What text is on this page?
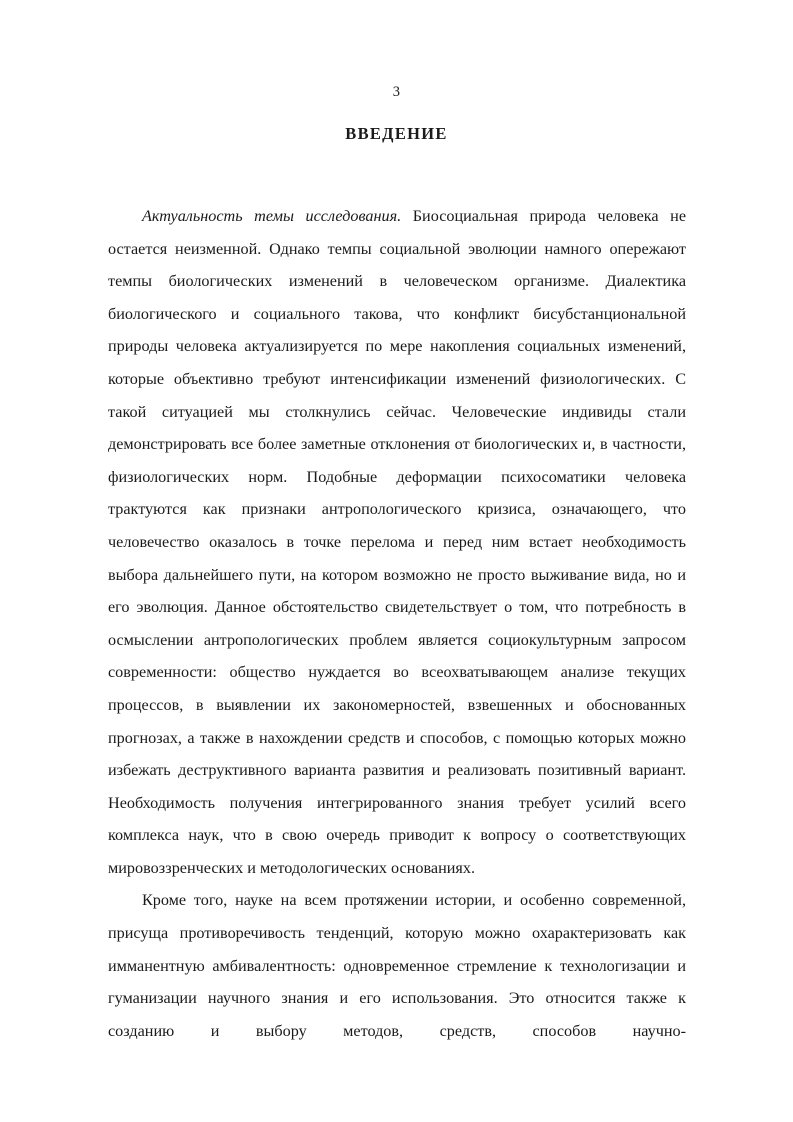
3
ВВЕДЕНИЕ

Актуальность темы исследования. Биосоциальная природа человека не остается неизменной. Однако темпы социальной эволюции намного опережают темпы биологических изменений в человеческом организме. Диалектика биологического и социального такова, что конфликт бисубстанциональной природы человека актуализируется по мере накопления социальных изменений, которые объективно требуют интенсификации изменений физиологических. С такой ситуацией мы столкнулись сейчас. Человеческие индивиды стали демонстрировать все более заметные отклонения от биологических и, в частности, физиологических норм. Подобные деформации психосоматики человека трактуются как признаки антропологического кризиса, означающего, что человечество оказалось в точке перелома и перед ним встает необходимость выбора дальнейшего пути, на котором возможно не просто выживание вида, но и его эволюция. Данное обстоятельство свидетельствует о том, что потребность в осмыслении антропологических проблем является социокультурным запросом современности: общество нуждается во всеохватывающем анализе текущих процессов, в выявлении их закономерностей, взвешенных и обоснованных прогнозах, а также в нахождении средств и способов, с помощью которых можно избежать деструктивного варианта развития и реализовать позитивный вариант. Необходимость получения интегрированного знания требует усилий всего комплекса наук, что в свою очередь приводит к вопросу о соответствующих мировоззренческих и методологических основаниях.

Кроме того, науке на всем протяжении истории, и особенно современной, присуща противоречивость тенденций, которую можно охарактеризовать как имманентную амбивалентность: одновременное стремление к технологизации и гуманизации научного знания и его использования. Это относится также к созданию и выбору методов, средств, способов научно-
